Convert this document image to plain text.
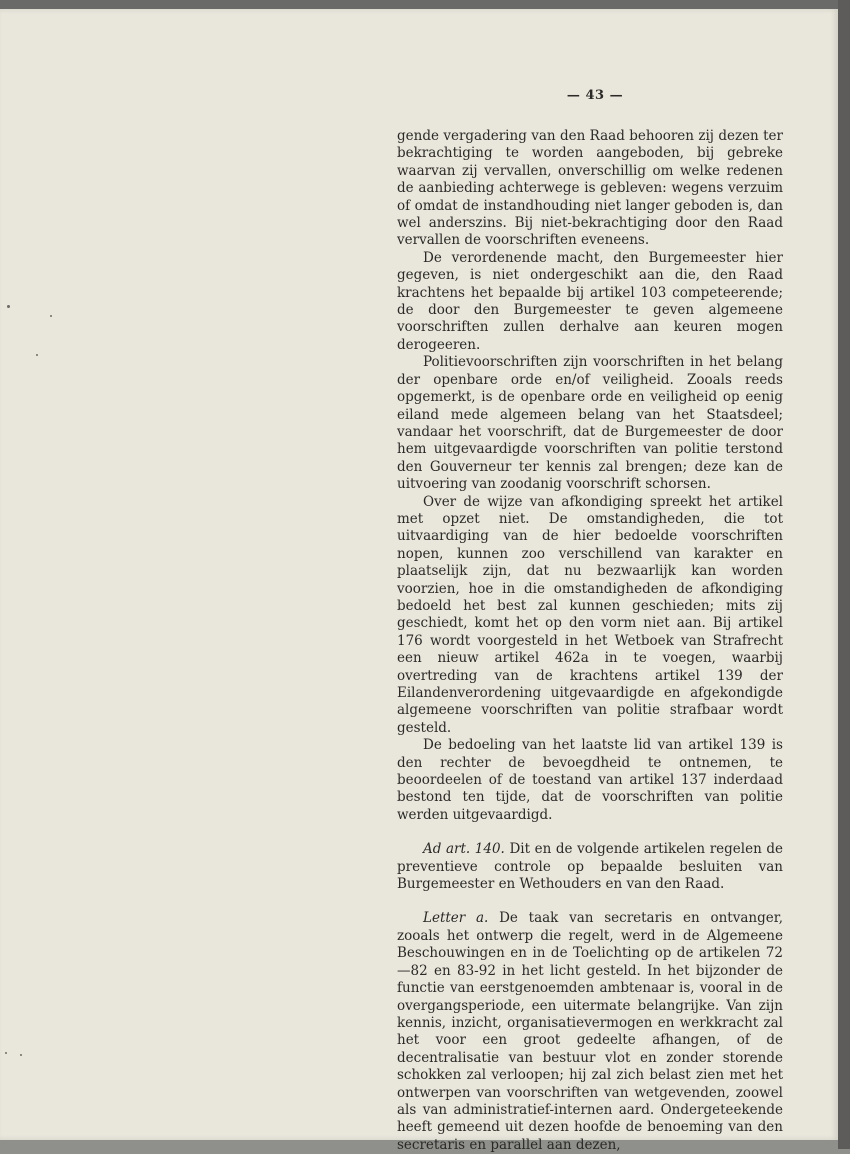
— 43 —

gende vergadering van den Raad behooren zij dezen ter bekrachtiging te worden aangeboden, bij gebreke waarvan zij vervallen, onverschillig om welke redenen de aanbieding achterwege is gebleven: wegens verzuim of omdat de instandhouding niet langer geboden is, dan wel anderszins. Bij niet-bekrachtiging door den Raad vervallen de voorschriften eveneens.

De verordenende macht, den Burgemeester hier gegeven, is niet ondergeschikt aan die, den Raad krachtens het bepaalde bij artikel 103 competeerende; de door den Burgemeester te geven algemeene voorschriften zullen derhalve aan keuren mogen derogeeren.

Politievoorschriften zijn voorschriften in het belang der openbare orde en/of veiligheid. Zooals reeds opgemerkt, is de openbare orde en veiligheid op eenig eiland mede algemeen belang van het Staatsdeel; vandaar het voorschrift, dat de Burgemeester de door hem uitgevaardigde voorschriften van politie terstond den Gouverneur ter kennis zal brengen; deze kan de uitvoering van zoodanig voorschrift schorsen.

Over de wijze van afkondiging spreekt het artikel met opzet niet. De omstandigheden, die tot uitvaardiging van de hier bedoelde voorschriften nopen, kunnen zoo verschillend van karakter en plaatselijk zijn, dat nu bezwaarlijk kan worden voorzien, hoe in die omstandigheden de afkondiging bedoeld het best zal kunnen geschieden; mits zij geschiedt, komt het op den vorm niet aan. Bij artikel 176 wordt voorgesteld in het Wetboek van Strafrecht een nieuw artikel 462a in te voegen, waarbij overtreding van de krachtens artikel 139 der Eilandenverordening uitgevaardigde en afgekondigde algemeene voorschriften van politie strafbaar wordt gesteld.

De bedoeling van het laatste lid van artikel 139 is den rechter de bevoegdheid te ontnemen, te beoordeelen of de toestand van artikel 137 inderdaad bestond ten tijde, dat de voorschriften van politie werden uitgevaardigd.

Ad art. 140. Dit en de volgende artikelen regelen de preventieve controle op bepaalde besluiten van Burgemeester en Wethouders en van den Raad.

Letter a. De taak van secretaris en ontvanger, zooals het ontwerp die regelt, werd in de Algemeene Beschouwingen en in de Toelichting op de artikelen 72—82 en 83-92 in het licht gesteld. In het bijzonder de functie van eerstgenoemden ambtenaar is, vooral in de overgangsperiode, een uitermate belangrijke. Van zijn kennis, inzicht, organisatievermogen en werkkracht zal het voor een groot gedeelte afhangen, of de decentralisatie van bestuur vlot en zonder storende schokken zal verloopen; hij zal zich belast zien met het ontwerpen van voorschriften van wetgevenden, zoowel als van administratief-internen aard. Ondergeteekende heeft gemeend uit dezen hoofde de benoeming van den secretaris en parallel aan dezen,
